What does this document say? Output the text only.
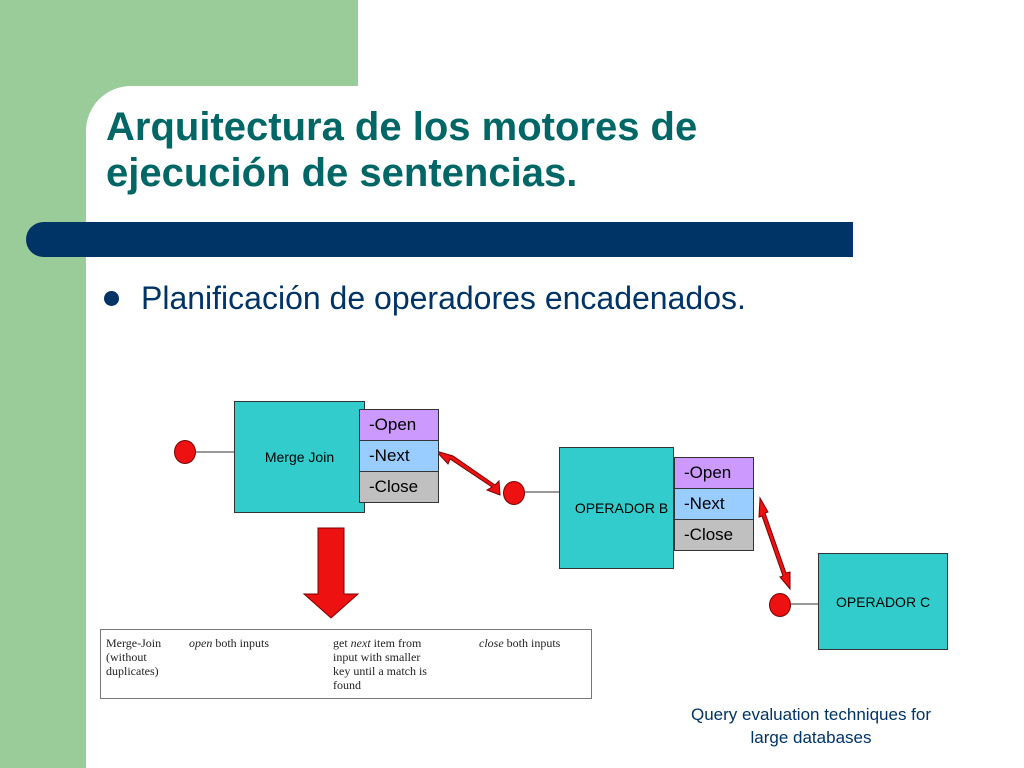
Arquitectura de los motores de
ejecución de sentencias.
Planificación de operadores encadenados.
Merge Join
-Open
-Next
-Close
OPERADOR B
-Open
-Next
-Close
OPERADOR C
Merge-Join
(without
duplicates)
open both inputs	get next item from
input with smaller
key until a match is
found
close both inputs
Query evaluation techniques for
large databases
